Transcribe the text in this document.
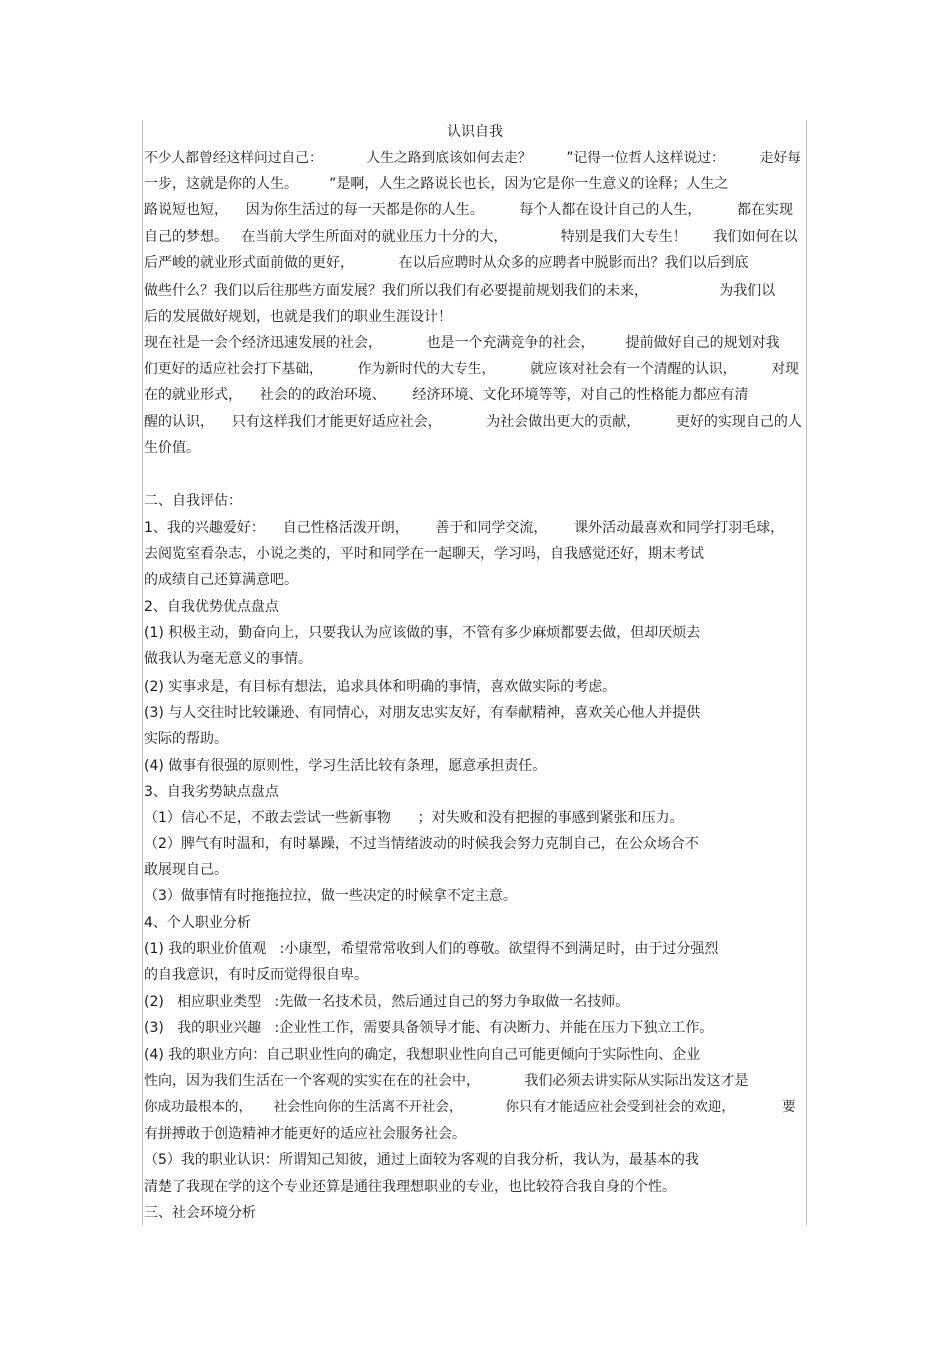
认识自我

不少人都曾经这样问过自己：          人生之路到底该如何去走？        ”记得一位哲人这样说过：        走好每

一步，这就是你的人生。       ”是啊，人生之路说长也长，因为它是你一生意义的诠释；人生之

路说短也短，    因为你生活过的每一天都是你的人生。        每个人都在设计自己的人生，        都在实现

自己的梦想。   在当前大学生所面对的就业压力十分的大，            特别是我们大专生！      我们如何在以

后严峻的就业形式面前做的更好，          在以后应聘时从众多的应聘者中脱影而出？我们以后到底

做些什么？我们以后往那些方面发展？我们所以我们有必要提前规划我们的未来，                为我们以

后的发展做好规划，也就是我们的职业生涯设计！

现在社是一会个经济迅速发展的社会，          也是一个充满竞争的社会，       提前做好自己的规划对我

们更好的适应社会打下基础，        作为新时代的大专生，        就应该对社会有一个清醒的认识，        对现

在的就业形式，    社会的的政治环境、      经济环境、文化环境等等，对自己的性格能力都应有清

醒的认识，    只有这样我们才能更好适应社会，          为社会做出更大的贡献，        更好的实现自己的人

生价值。

二、自我评估：

1、我的兴趣爱好：    自己性格活泼开朗，      善于和同学交流，      课外活动最喜欢和同学打羽毛球，

去阅览室看杂志，小说之类的，平时和同学在一起聊天，学习吗，自我感觉还好，期末考试

的成绩自己还算满意吧。

2、自我优势优点盘点

(1) 积极主动，勤奋向上，只要我认为应该做的事，不管有多少麻烦都要去做，但却厌烦去

做我认为毫无意义的事情。

(2) 实事求是，有目标有想法，追求具体和明确的事情，喜欢做实际的考虑。

(3) 与人交往时比较谦逊、有同情心，对朋友忠实友好，有奉献精神，喜欢关心他人并提供

实际的帮助。

(4) 做事有很强的原则性，学习生活比较有条理，愿意承担责任。

3、自我劣势缺点盘点

（1）信心不足，不敢去尝试一些新事物      ；对失败和没有把握的事感到紧张和压力。

（2）脾气有时温和，有时暴躁，不过当情绪波动的时候我会努力克制自己，在公众场合不

敢展现自己。

（3）做事情有时拖拖拉拉，做一些决定的时候拿不定主意。

4、个人职业分析

(1) 我的职业价值观   :小康型，希望常常收到人们的尊敬。欲望得不到满足时，由于过分强烈

的自我意识，有时反而觉得很自卑。

(2)   相应职业类型   :先做一名技术员，然后通过自己的努力争取做一名技师。

(3)   我的职业兴趣   :企业性工作，需要具备领导才能、有决断力、并能在压力下独立工作。

(4) 我的职业方向：自己职业性向的确定，我想职业性向自己可能更倾向于实际性向、企业

性向，因为我们生活在一个客观的实实在在的社会中，          我们必须去讲实际从实际出发这才是

你成功最根本的，     社会性向你的生活离不开社会，          你只有才能适应社会受到社会的欢迎，           要

有拼搏敢于创造精神才能更好的适应社会服务社会。

（5）我的职业认识：所谓知己知彼，通过上面较为客观的自我分析，我认为，最基本的我

清楚了我现在学的这个专业还算是通往我理想职业的专业，也比较符合我自身的个性。

三、社会环境分析
